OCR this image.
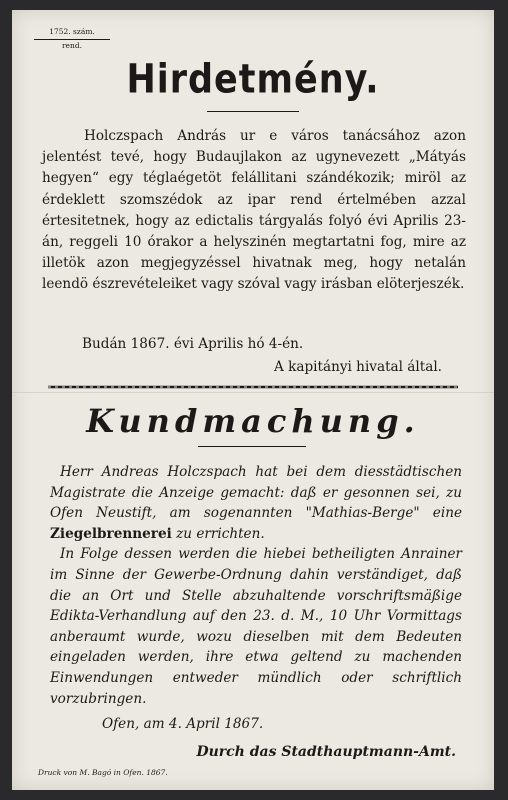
1752. szám.
rend.
Hirdetmény.

Holczspach András ur e város tanácsához azon jelentést tevé, hogy Budaujlakon az ugynevezett „Mátyás hegyen“ egy téglaégetöt felállitani szándékozik; miröl az érdeklett szomszédok az ipar rend értelmében azzal értesitetnek, hogy az edictalis tárgyalás folyó évi Aprilis 23-án, reggeli 10 órakor a helyszinén megtartatni fog, mire az illetök azon megjegyzéssel hivatnak meg, hogy netalán leendö észrevételeiket vagy szóval vagy irásban elöterjeszék.

Budán 1867. évi Aprilis hó 4-én.
A kapitányi hivatal által.
Kundmachung.

Herr Andreas Holczspach hat bei dem diesstädtischen Magistrate die Anzeige gemacht: daß er gesonnen sei, zu Ofen Neustift, am sogenannten "Mathias-Berge" eine Ziegelbrennerei zu errichten.

In Folge dessen werden die hiebei betheiligten Anrainer im Sinne der Gewerbe-Ordnung dahin verständiget, daß die an Ort und Stelle abzuhaltende vorschriftsmäßige Edikta-Verhandlung auf den 23. d. M., 10 Uhr Vormittags anberaumt wurde, wozu dieselben mit dem Bedeuten eingeladen werden, ihre etwa geltend zu machenden Einwendungen entweder mündlich oder schriftlich vorzubringen.

Ofen, am 4. April 1867.
Durch das Stadthauptmann-Amt.
Druck von M. Bagó in Ofen. 1867.
